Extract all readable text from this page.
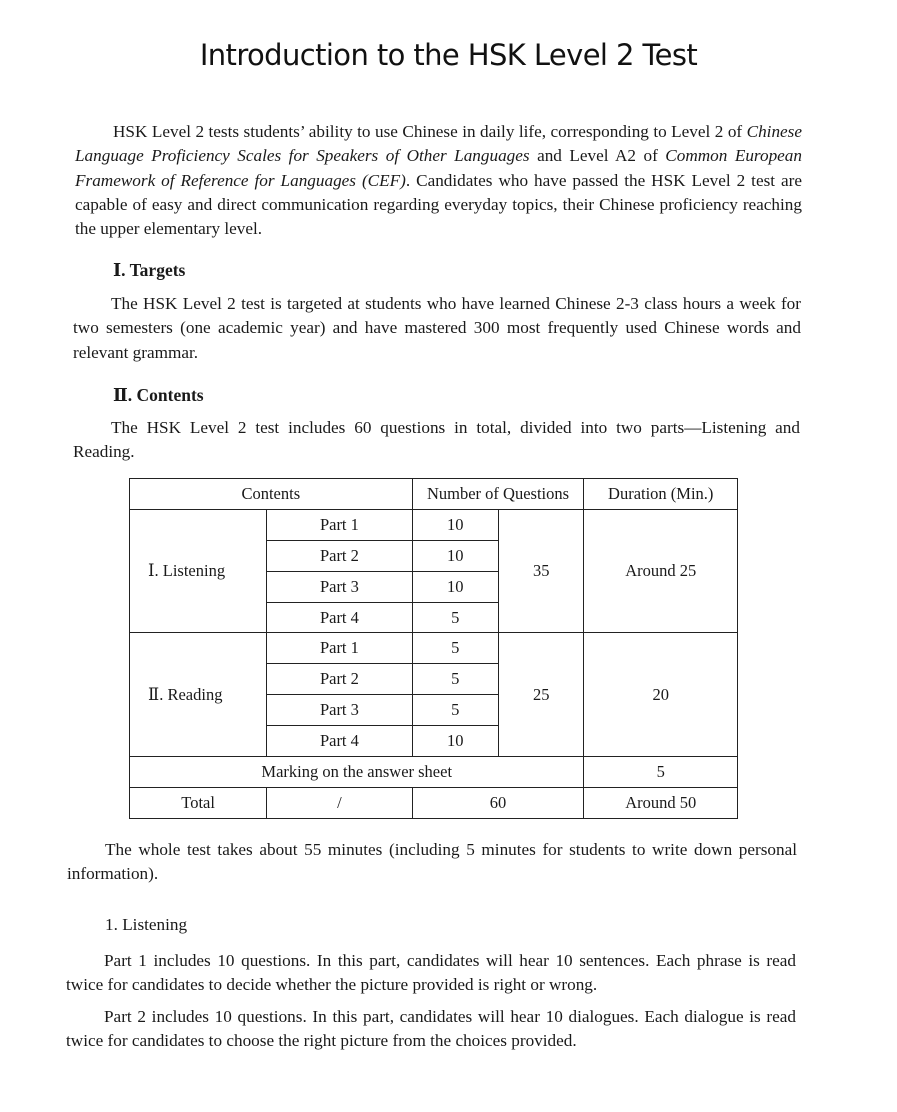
Introduction to the HSK Level 2 Test

HSK Level 2 tests students’ ability to use Chinese in daily life, corresponding to Level 2 of Chinese Language Proficiency Scales for Speakers of Other Languages and Level A2 of Common European Framework of Reference for Languages (CEF). Candidates who have passed the HSK Level 2 test are capable of easy and direct communication regarding everyday topics, their Chinese proficiency reaching the upper elementary level.

Ⅰ. Targets

The HSK Level 2 test is targeted at students who have learned Chinese 2-3 class hours a week for two semesters (one academic year) and have mastered 300 most frequently used Chinese words and relevant grammar.

Ⅱ. Contents

The HSK Level 2 test includes 60 questions in total, divided into two parts—Listening and Reading.

Contents		Number of Questions		Duration (Min.)
Ⅰ. Listening	Part 1	10	35	Around 25
	Part 2	10		
	Part 3	10		
	Part 4	5		
Ⅱ. Reading	Part 1	5	25	20
	Part 2	5		
	Part 3	5		
	Part 4	10		
Marking on the answer sheet				5
Total	/	60		Around 50

The whole test takes about 55 minutes (including 5 minutes for students to write down personal information).

1. Listening

Part 1 includes 10 questions. In this part, candidates will hear 10 sentences. Each phrase is read twice for candidates to decide whether the picture provided is right or wrong.

Part 2 includes 10 questions. In this part, candidates will hear 10 dialogues. Each dialogue is read twice for candidates to choose the right picture from the choices provided.
